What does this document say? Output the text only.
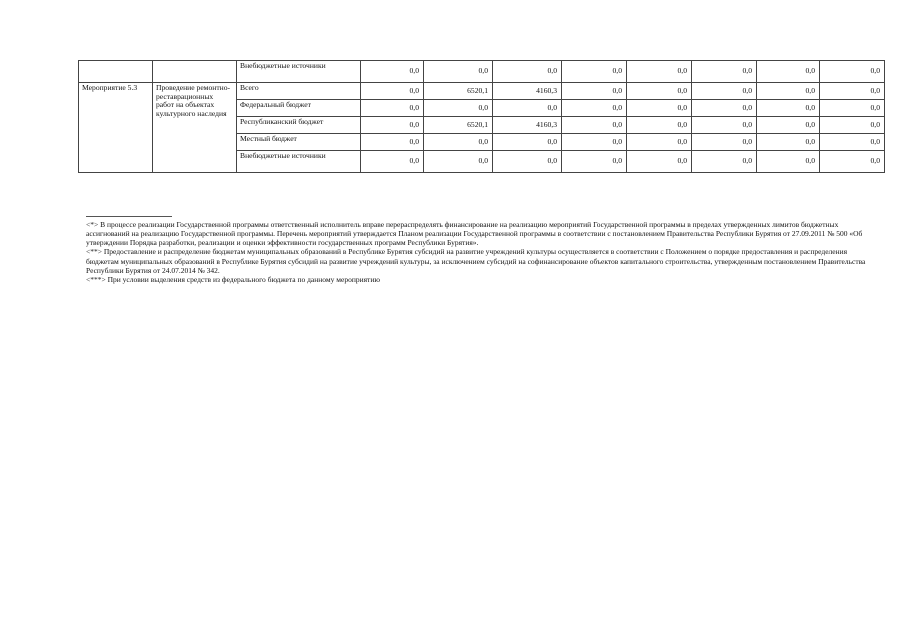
		Внебюджетные источники	0,0	0,0	0,0	0,0	0,0	0,0	0,0	0,0
Мероприятие 5.3	Проведение ремонтно-реставрационных работ на объектах культурного наследия	Всего	0,0	6520,1	4160,3	0,0	0,0	0,0	0,0	0,0
		Федеральный бюджет	0,0	0,0	0,0	0,0	0,0	0,0	0,0	0,0
		Республиканский бюджет	0,0	6520,1	4160,3	0,0	0,0	0,0	0,0	0,0
		Местный бюджет	0,0	0,0	0,0	0,0	0,0	0,0	0,0	0,0
		Внебюджетные источники	0,0	0,0	0,0	0,0	0,0	0,0	0,0	0,0

<*> В процессе реализации Государственной программы ответственный исполнитель вправе перераспределять финансирование на реализацию мероприятий Государственной программы в пределах утвержденных лимитов бюджетных ассигнований на реализацию Государственной программы. Перечень мероприятий утверждается Планом реализации Государственной программы в соответствии с постановлением Правительства Республики Бурятия от 27.09.2011 № 500 «Об утверждении Порядка разработки, реализации и оценки эффективности государственных программ Республики Бурятия».

<**> Предоставление и распределение бюджетам муниципальных образований в Республике Бурятия субсидий на развитие учреждений культуры осуществляется в соответствии с Положением о порядке предоставления и распределения бюджетам муниципальных образований в Республике Бурятия субсидий на развитие учреждений культуры, за исключением субсидий на софинансирование объектов капитального строительства, утвержденным постановлением Правительства Республики Бурятия от 24.07.2014 № 342.

<***> При условии выделения средств из федерального бюджета по данному мероприятию
